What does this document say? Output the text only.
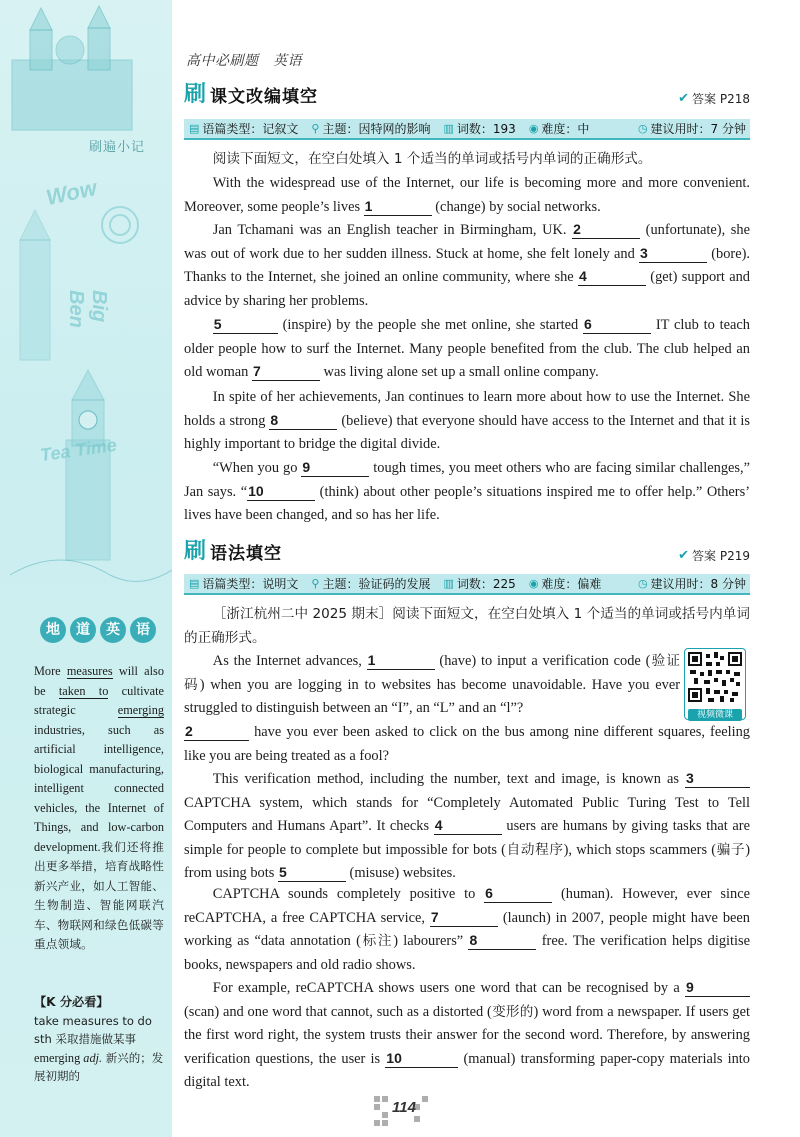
刷遍小记
Wow
Big Ben
Tea Time
地	道	英	语
More measures will also be taken to cultivate strategic emerging industries, such as artificial intelligence, biological manufacturing, intelligent connected vehicles, the Internet of Things, and low-carbon development.我们还将推出更多举措，培育战略性新兴产业，如人工智能、生物制造、智能网联汽车、物联网和绿色低碳等重点领域。
【K 分必看】
take measures to do sth 采取措施做某事
emerging adj. 新兴的；发展初期的
高中必刷题　英语
刷 课文改编填空	✔ 答案 P218
▤ 语篇类型：记叙文 ⚲ 主题：因特网的影响 ▥ 词数：193 ◉ 难度：中	◷ 建议用时：7 分钟
阅读下面短文，在空白处填入 1 个适当的单词或括号内单词的正确形式。
With the widespread use of the Internet, our life is becoming more and more convenient. Moreover, some people’s lives 1	(change) by social networks.
Jan Tchamani was an English teacher in Birmingham, UK. 2	(unfortunate), she was out of work due to her sudden illness. Stuck at home, she felt lonely and 3	(bore). Thanks to the Internet, she joined an online community, where she 4	(get) support and advice by sharing her problems.
5	(inspire) by the people she met online, she started 6	IT club to teach older people how to surf the Internet. Many people benefited from the club. The club helped an old woman 7	was living alone set up a small online company.
In spite of her achievements, Jan continues to learn more about how to use the Internet. She holds a strong 8	(believe) that everyone should have access to the Internet and that it is highly important to bridge the digital divide.
“When you go 9	tough times, you meet others who are facing similar challenges,” Jan says. “10	(think) about other people’s situations inspired me to offer help.” Others’ lives have been changed, and so has her life.
刷 语法填空	✔ 答案 P219
▤ 语篇类型：说明文 ⚲ 主题：验证码的发展 ▥ 词数：225 ◉ 难度：偏难	◷ 建议用时：8 分钟
［浙江杭州二中 2025 期末］阅读下面短文，在空白处填入 1 个适当的单词或括号内单词的正确形式。
视频微课
As the Internet advances, 1	(have) to input a verification code (验证码) when you are logging in to websites has become unavoidable. Have you ever struggled to distinguish between an “I”, an “L” and an “l”?
2	have you ever been asked to click on the bus among nine different squares, feeling like you are being treated as a fool?
This verification method, including the number, text and image, is known as 3 CAPTCHA system, which stands for “Completely Automated Public Turing Test to Tell Computers and Humans Apart”. It checks 4	users are humans by giving tasks that are simple for people to complete but impossible for bots (自动程序), which stops scammers (骗子) from using bots 5	(misuse) websites.
CAPTCHA sounds completely positive to 6	(human). However, ever since reCAPTCHA, a free CAPTCHA service, 7	(launch) in 2007, people might have been working as “data annotation (标注) labourers” 8	free. The verification helps digitise books, newspapers and old radio shows.
For example, reCAPTCHA shows users one word that can be recognised by a 9 (scan) and one word that cannot, such as a distorted (变形的) word from a newspaper. If users get the first word right, the system trusts their answer for the second word. Therefore, by answering verification questions, the user is 10	(manual) transforming paper-copy materials into digital text.
114
